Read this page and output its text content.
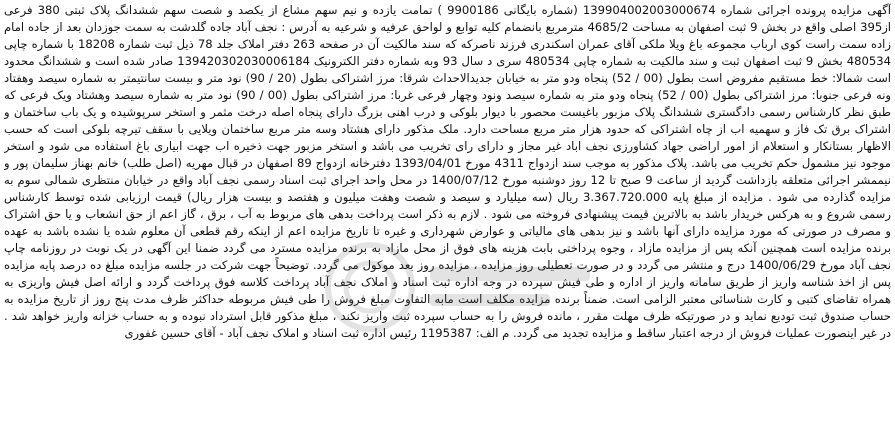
آگهی مزایده پرونده اجرائی شماره 139904002003000674 (شماره بایگانی 9900186 ) تمامت یازده و نیم سهم مشاع از یکصد و شصت سهم ششدانگ پلاک ثبتی 380 فرعی از395 اصلی واقع در بخش 9 ثبت اصفهان به مساحت 4685/2 مترمربع بانضمام کلیه توابع و لواحق عرفیه و شرعیه به آدرس : نجف آباد جاده گلدشت به سمت جوزدان بعد از جاده امام زاده سمت راست کوی ارباب مجموعه باغ ویلا ملکی آقای عمران اسکندری فرزند ناصرکه که سند مالکیت آن در صفحه 263 دفتر املاک جلد 78 ذیل ثبت شماره 18208 با شماره چاپی 480534 بخش 9 ثبت اصفهان ثبت و سند مالکیت به شماره چاپی 480534 سری د سال 93 وبه شماره دفتر الکترونیک 139420302030006184 صادر شده است و ششدانگ محدود است شمالا: خط مستقیم مفروض است بطول (00 / 52) پنجاه ودو متر به خیابان جدیدالاحداث شرقا: مرز اشتراکی بطول (20 / 90) نود متر و بیست سانتیمتر به شماره سیصد وهفتاد ونه فرعی جنوبا: مرز اشتراکی بطول (00 / 52) پنجاه ودو متر به شماره سیصد ونود وچهار فرعی غربا: مرز اشتراکی بطول (00 / 90) نود متر به شماره سیصد وهشتاد ویک فرعی که طبق نظر کارشناس رسمی دادگستری ششدانگ پلاک مزبور باغیست محصور با دیوار بلوکی و درب اهنی بزرگ دارای پنجاه اصله درخت مثمر و استخر سرپوشیده و یک باب ساختمان و اشتراک برق تک فاز و سهمیه اب از چاه اشتراکی که حدود هزار متر مربع مساحت دارد. ملک مذکور دارای هشتاد وسه متر مربع ساختمان ویلایی با سقف تیرچه بلوکی است که حسب الاظهار بستانکار و استعلام از امور اراضی جهاد کشاورزی نجف اباد غیر مجاز و دارای رای تخریب می باشد و استخر مزبور جهت ذخیره اب جهت ابیاری باغ استفاده می شود و استخر موجود نیز مشمول حکم تخریب می باشد. پلاک مذکور به موجب سند ازدواج 4311 مورخ 1393/04/01 دفترخانه ازدواج 89 اصفهان در قبال مهریه (اصل طلب) خانم بهناز سلیمان پور و نیممشر اجرائی متعلقه بازداشت گردید از ساعت 9 صبح تا 12 روز دوشنبه مورخ 1400/07/12 در محل واحد اجرای ثبت اسناد رسمی نجف آباد واقع در خیابان منتظری شمالی سوم به مزایده گذارده می شود . مزایده از مبلغ پایه 3.367.720.000 ریال (سه میلیارد و سیصد و شصت وهفت میلیون و هفتصد و بیست هزار ریال) قیمت ارزیابی شده توسط کارشناس رسمی شروع و به هرکس خریدار باشد به بالاترین قیمت پیشنهادی فروخته می شود . لازم به ذکر است پرداخت بدهی های مربوط به آب ، برق ، گاز اعم از حق انشعاب و یا حق اشتراک و مصرف در صورتی که مورد مزایده دارای آنها باشد و نیز بدهی های مالیاتی و عوارض شهرداری و غیره تا تاریخ مزایده اعم از اینکه رقم قطعی آن معلوم شده یا نشده باشد به عهده برنده مزایده است همچنین آنکه پس از مزایده مازاد ، وجوه پرداختی بابت هزینه های فوق از محل مازاد به برنده مزایده مسترد می گردد ضمنا این آگهی در یک نوبت در روزنامه چاپ نجف آباد مورخ 1400/06/29 درج و منتشر می گردد و در صورت تعطیلی روز مزایده ، مزایده روز بعد موکول می گردد. توضیحاً جهت شرکت در جلسه مزایده مبلغ ده درصد پایه مزایده پس از اخذ شناسه واریز از طریق سامانه واریز از اداره و طی فیش سپرده در وجه اداره ثبت اسناد و املاک نجف آباد پرداخت کلاسه فوق پرداخت گردد و ارائه اصل فیش واریزی به همراه تقاضای کتبی و کارت شناسائی معتبر الزامی است. ضمناً برنده مزایده مکلف است مابه التفاوت مبلغ فروش را طی فیش مربوطه حداکثر ظرف مدت پنج روز از تاریخ مزایده به حساب صندوق ثبت تودیع نماید و در صورتیکه ظرف مهلت مقرر ، مانده فروش را به حساب سپرده ثبت واریز نکند ، مبلغ مذکور قابل استرداد نبوده و به حساب خزانه واریز خواهد شد . در غیر اینصورت عملیات فروش از درجه اعتبار ساقط و مزایده تجدید می گردد. م الف: 1195387 رئیس اداره ثبت اسناد و املاک نجف آباد - آقای حسین غفوری
